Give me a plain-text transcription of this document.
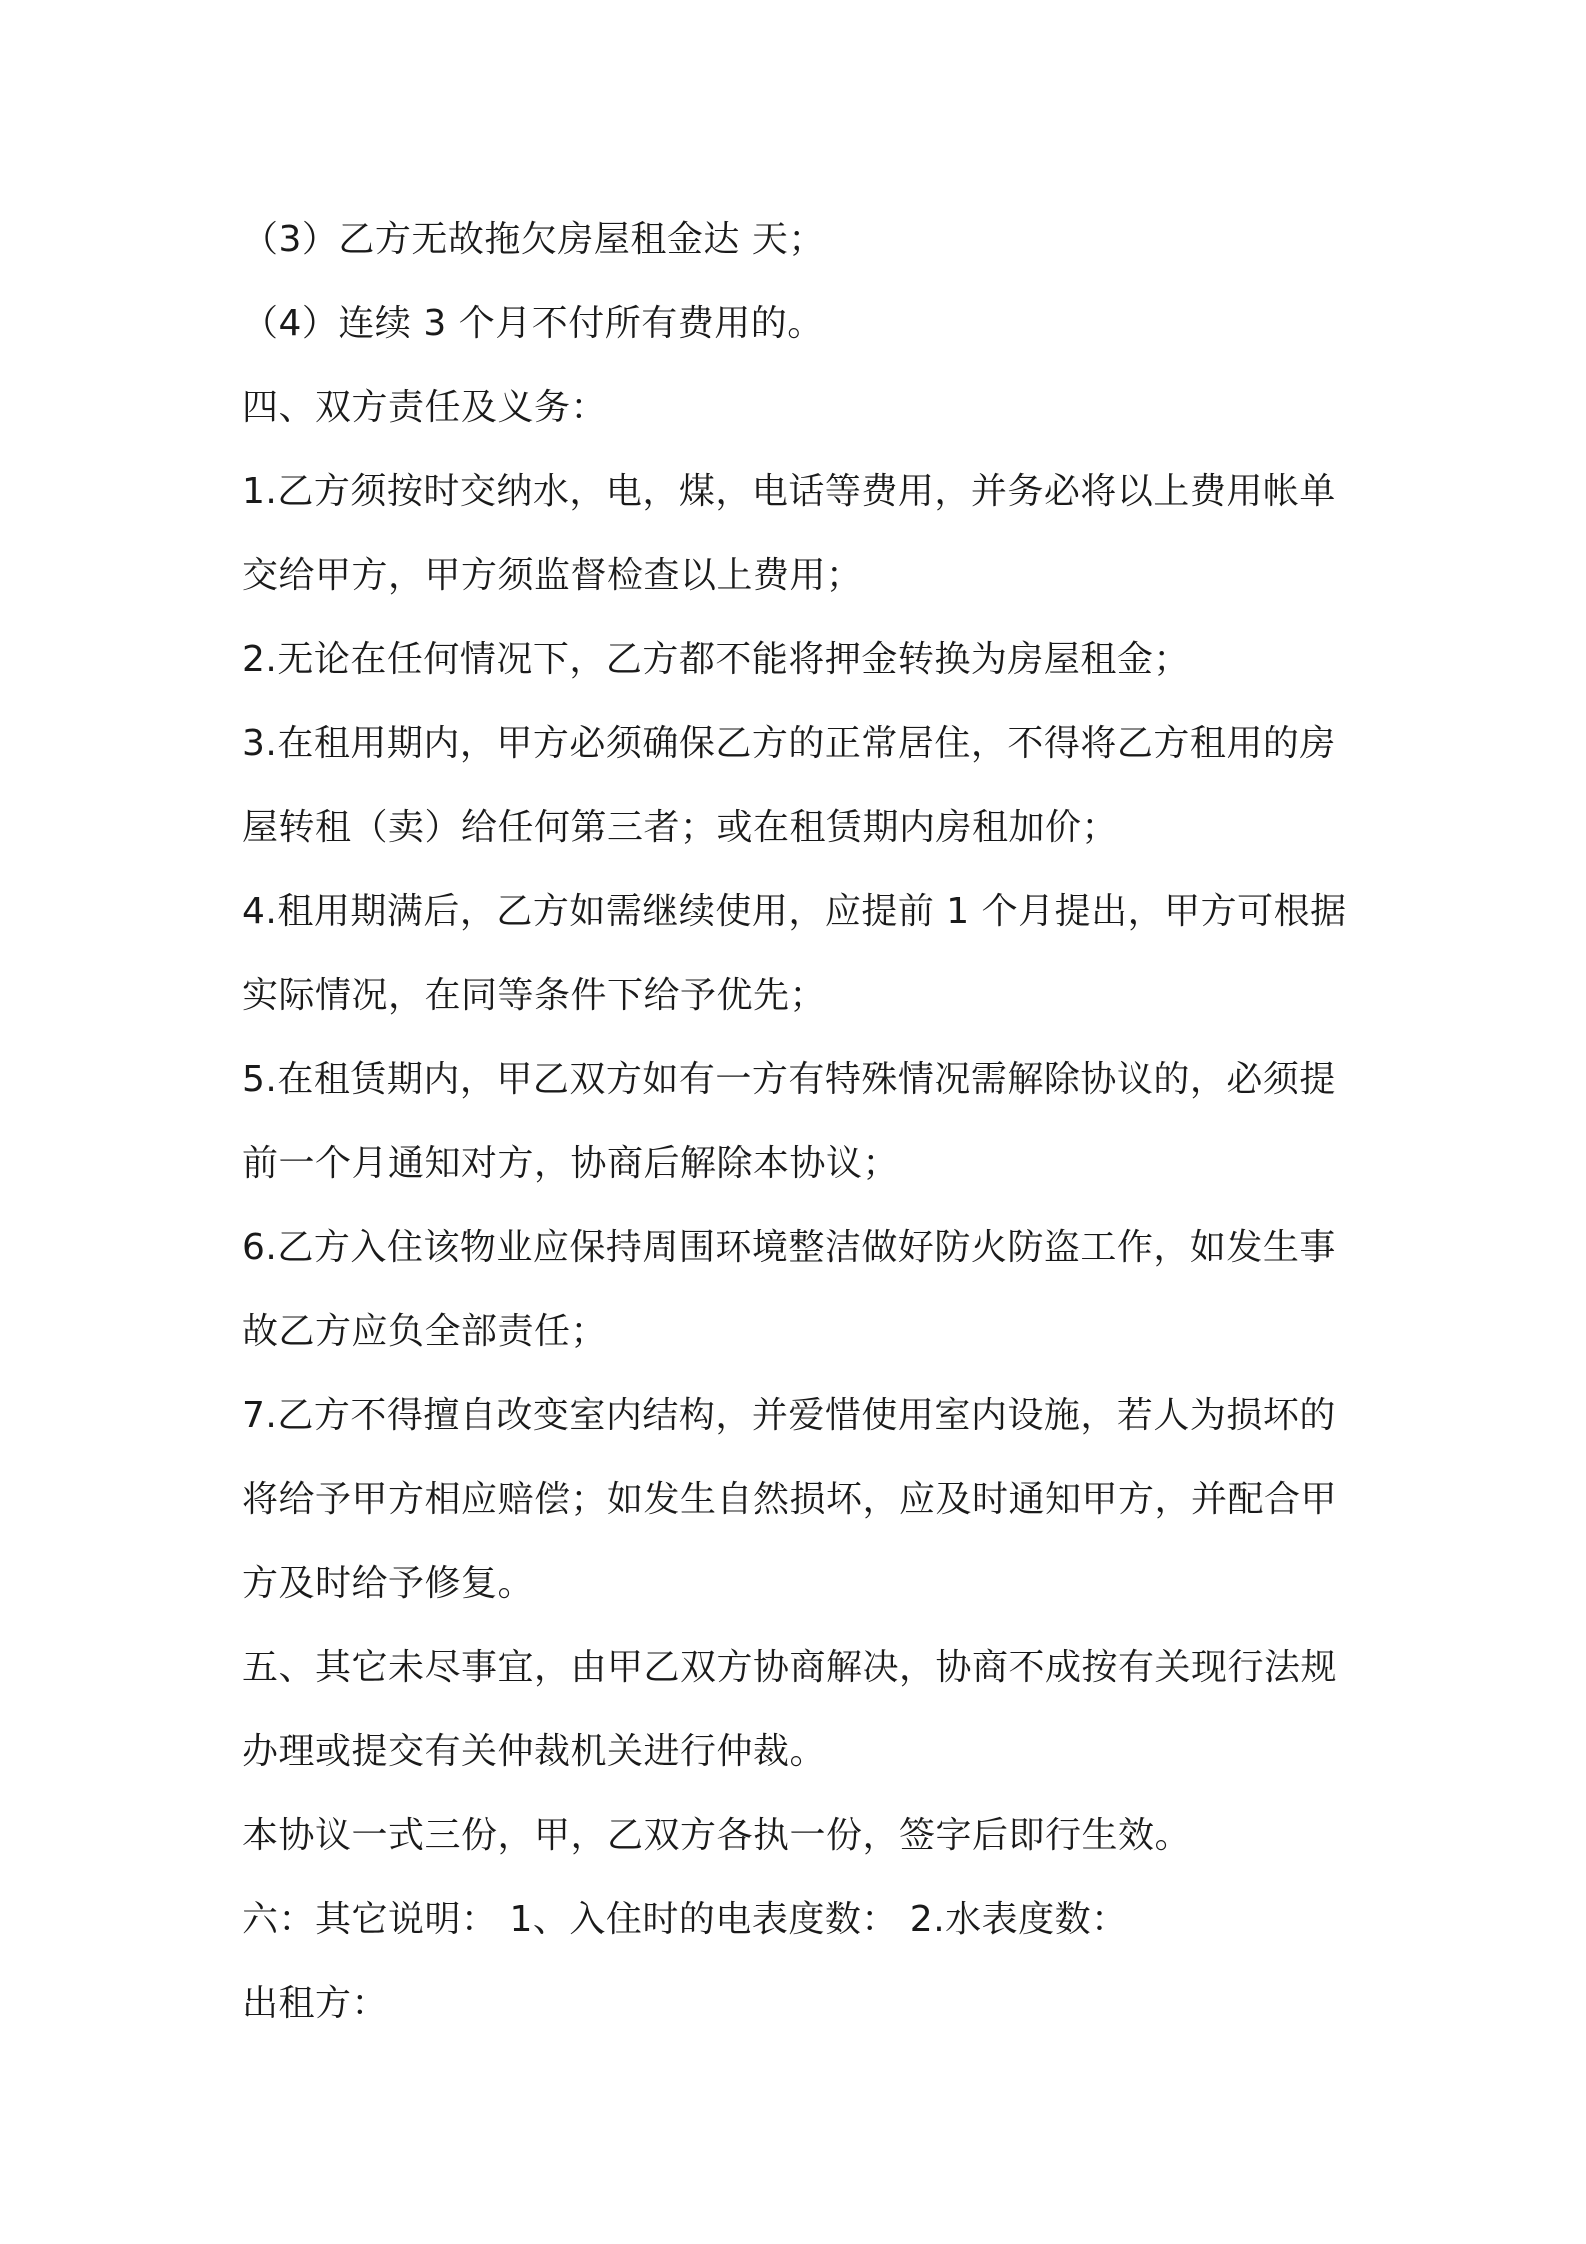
（3）乙方无故拖欠房屋租金达 天；

（4）连续 3 个月不付所有费用的。

四、双方责任及义务：

1.乙方须按时交纳水，电，煤，电话等费用，并务必将以上费用帐单

交给甲方，甲方须监督检查以上费用；

2.无论在任何情况下，乙方都不能将押金转换为房屋租金；

3.在租用期内，甲方必须确保乙方的正常居住，不得将乙方租用的房

屋转租（卖）给任何第三者；或在租赁期内房租加价；

4.租用期满后，乙方如需继续使用，应提前 1 个月提出，甲方可根据

实际情况，在同等条件下给予优先；

5.在租赁期内，甲乙双方如有一方有特殊情况需解除协议的，必须提

前一个月通知对方，协商后解除本协议；

6.乙方入住该物业应保持周围环境整洁做好防火防盗工作，如发生事

故乙方应负全部责任；

7.乙方不得擅自改变室内结构，并爱惜使用室内设施，若人为损坏的

将给予甲方相应赔偿；如发生自然损坏，应及时通知甲方，并配合甲

方及时给予修复。

五、其它未尽事宜，由甲乙双方协商解决，协商不成按有关现行法规

办理或提交有关仲裁机关进行仲裁。

本协议一式三份，甲，乙双方各执一份，签字后即行生效。

六：其它说明： 1、入住时的电表度数： 2.水表度数：

出租方：
